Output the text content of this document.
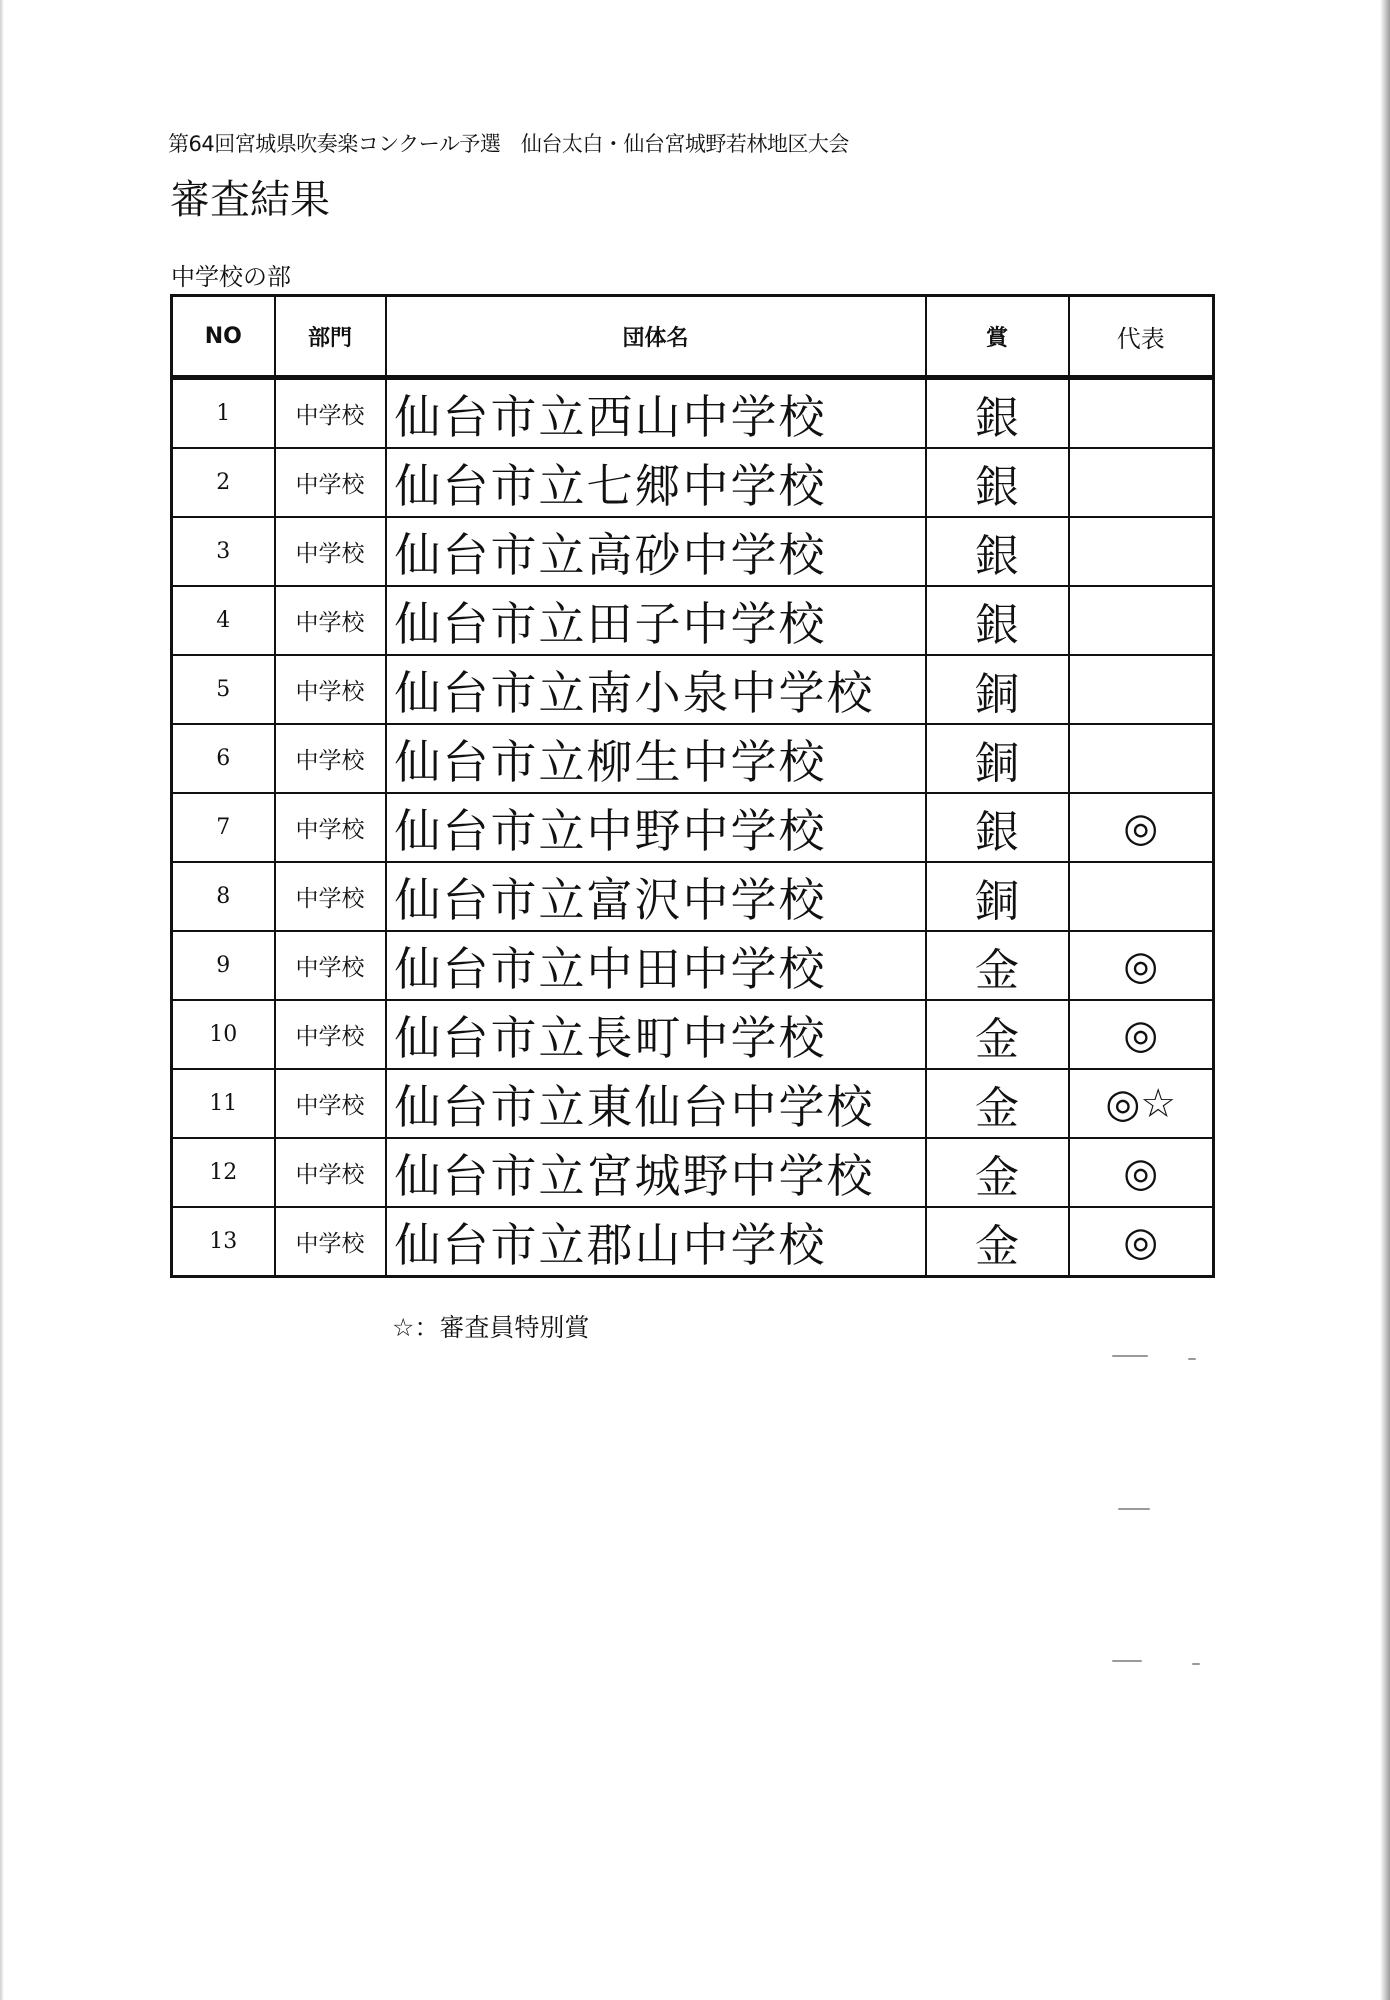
第64回宮城県吹奏楽コンクール予選　仙台太白・仙台宮城野若林地区大会
審査結果
中学校の部
NO	部門	団体名	賞	代表
1	中学校	仙台市立西山中学校	銀	
2	中学校	仙台市立七郷中学校	銀	
3	中学校	仙台市立高砂中学校	銀	
4	中学校	仙台市立田子中学校	銀	
5	中学校	仙台市立南小泉中学校	銅	
6	中学校	仙台市立柳生中学校	銅	
7	中学校	仙台市立中野中学校	銀	◎
8	中学校	仙台市立富沢中学校	銅	
9	中学校	仙台市立中田中学校	金	◎
10	中学校	仙台市立長町中学校	金	◎
11	中学校	仙台市立東仙台中学校	金	◎☆
12	中学校	仙台市立宮城野中学校	金	◎
13	中学校	仙台市立郡山中学校	金	◎
☆：審査員特別賞
